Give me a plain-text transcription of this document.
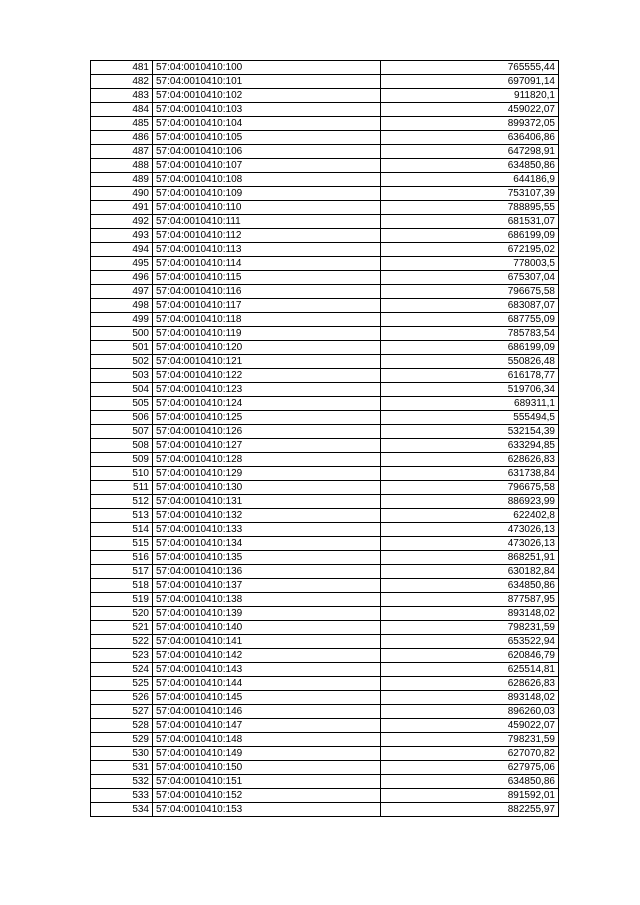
481	57:04:0010410:100	765555,44
482	57:04:0010410:101	697091,14
483	57:04:0010410:102	911820,1
484	57:04:0010410:103	459022,07
485	57:04:0010410:104	899372,05
486	57:04:0010410:105	636406,86
487	57:04:0010410:106	647298,91
488	57:04:0010410:107	634850,86
489	57:04:0010410:108	644186,9
490	57:04:0010410:109	753107,39
491	57:04:0010410:110	788895,55
492	57:04:0010410:111	681531,07
493	57:04:0010410:112	686199,09
494	57:04:0010410:113	672195,02
495	57:04:0010410:114	778003,5
496	57:04:0010410:115	675307,04
497	57:04:0010410:116	796675,58
498	57:04:0010410:117	683087,07
499	57:04:0010410:118	687755,09
500	57:04:0010410:119	785783,54
501	57:04:0010410:120	686199,09
502	57:04:0010410:121	550826,48
503	57:04:0010410:122	616178,77
504	57:04:0010410:123	519706,34
505	57:04:0010410:124	689311,1
506	57:04:0010410:125	555494,5
507	57:04:0010410:126	532154,39
508	57:04:0010410:127	633294,85
509	57:04:0010410:128	628626,83
510	57:04:0010410:129	631738,84
511	57:04:0010410:130	796675,58
512	57:04:0010410:131	886923,99
513	57:04:0010410:132	622402,8
514	57:04:0010410:133	473026,13
515	57:04:0010410:134	473026,13
516	57:04:0010410:135	868251,91
517	57:04:0010410:136	630182,84
518	57:04:0010410:137	634850,86
519	57:04:0010410:138	877587,95
520	57:04:0010410:139	893148,02
521	57:04:0010410:140	798231,59
522	57:04:0010410:141	653522,94
523	57:04:0010410:142	620846,79
524	57:04:0010410:143	625514,81
525	57:04:0010410:144	628626,83
526	57:04:0010410:145	893148,02
527	57:04:0010410:146	896260,03
528	57:04:0010410:147	459022,07
529	57:04:0010410:148	798231,59
530	57:04:0010410:149	627070,82
531	57:04:0010410:150	627975,06
532	57:04:0010410:151	634850,86
533	57:04:0010410:152	891592,01
534	57:04:0010410:153	882255,97
